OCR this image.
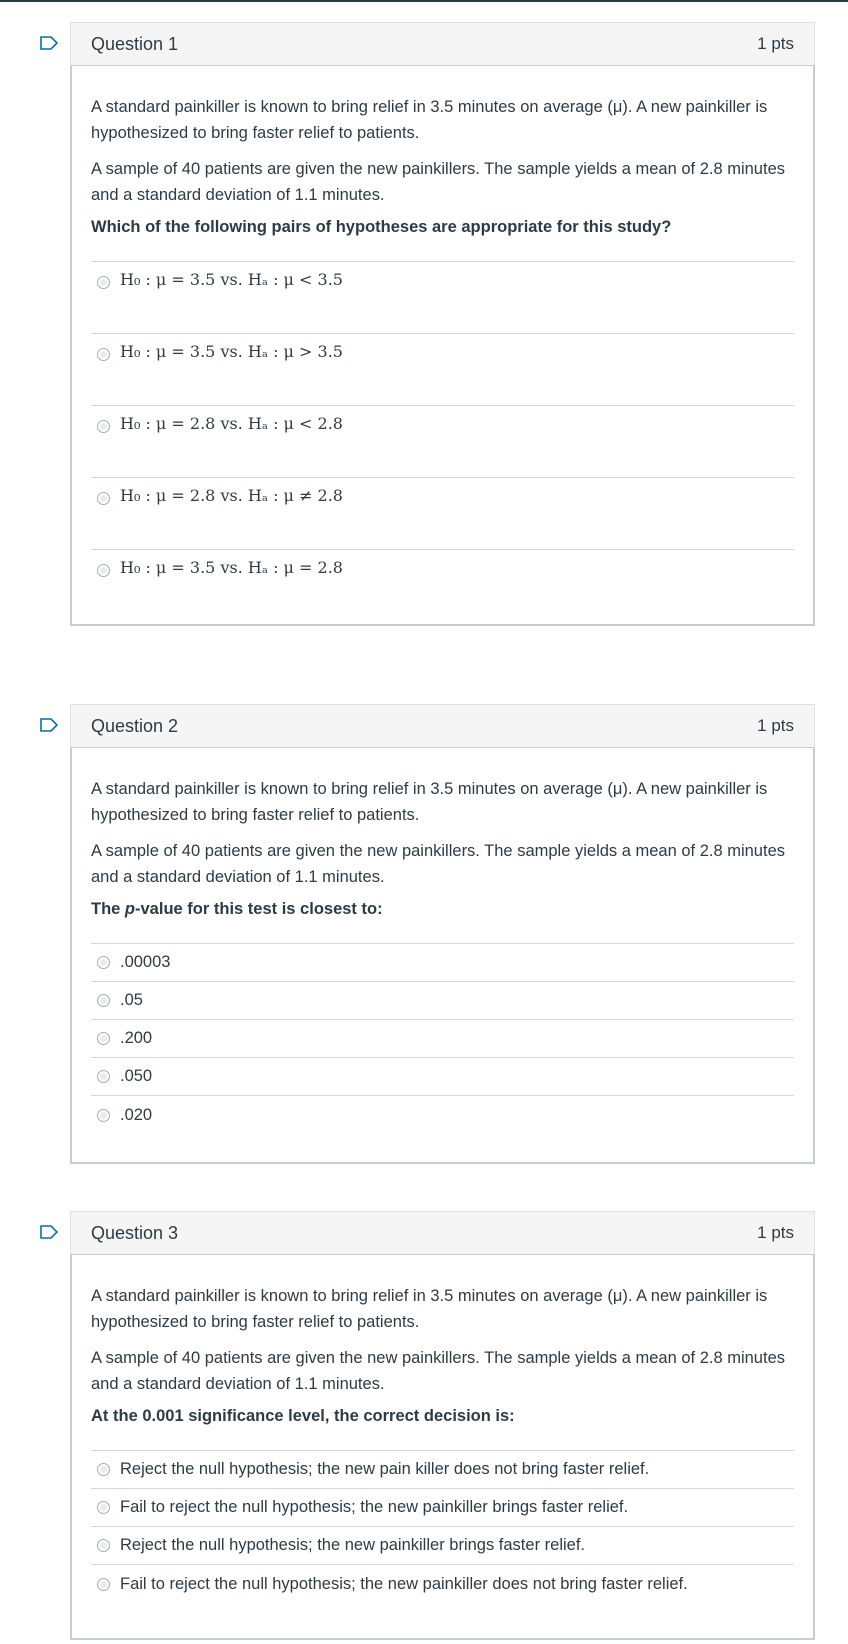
Question 1	1 pts

A standard painkiller is known to bring relief in 3.5 minutes on average (μ). A new painkiller is hypothesized to bring faster relief to patients.

A sample of 40 patients are given the new painkillers. The sample yields a mean of 2.8 minutes and a standard deviation of 1.1 minutes.

Which of the following pairs of hypotheses are appropriate for this study?

H₀ : μ = 3.5 vs. Hₐ : μ < 3.5
H₀ : μ = 3.5 vs. Hₐ : μ > 3.5
H₀ : μ = 2.8 vs. Hₐ : μ < 2.8
H₀ : μ = 2.8 vs. Hₐ : μ ≠ 2.8
H₀ : μ = 3.5 vs. Hₐ : μ = 2.8
Question 2	1 pts

A standard painkiller is known to bring relief in 3.5 minutes on average (μ). A new painkiller is hypothesized to bring faster relief to patients.

A sample of 40 patients are given the new painkillers. The sample yields a mean of 2.8 minutes and a standard deviation of 1.1 minutes.

The p-value for this test is closest to:

.00003
.05
.200
.050
.020
Question 3	1 pts

A standard painkiller is known to bring relief in 3.5 minutes on average (μ). A new painkiller is hypothesized to bring faster relief to patients.

A sample of 40 patients are given the new painkillers. The sample yields a mean of 2.8 minutes and a standard deviation of 1.1 minutes.

At the 0.001 significance level, the correct decision is:

Reject the null hypothesis; the new pain killer does not bring faster relief.
Fail to reject the null hypothesis; the new painkiller brings faster relief.
Reject the null hypothesis; the new painkiller brings faster relief.
Fail to reject the null hypothesis; the new painkiller does not bring faster relief.
